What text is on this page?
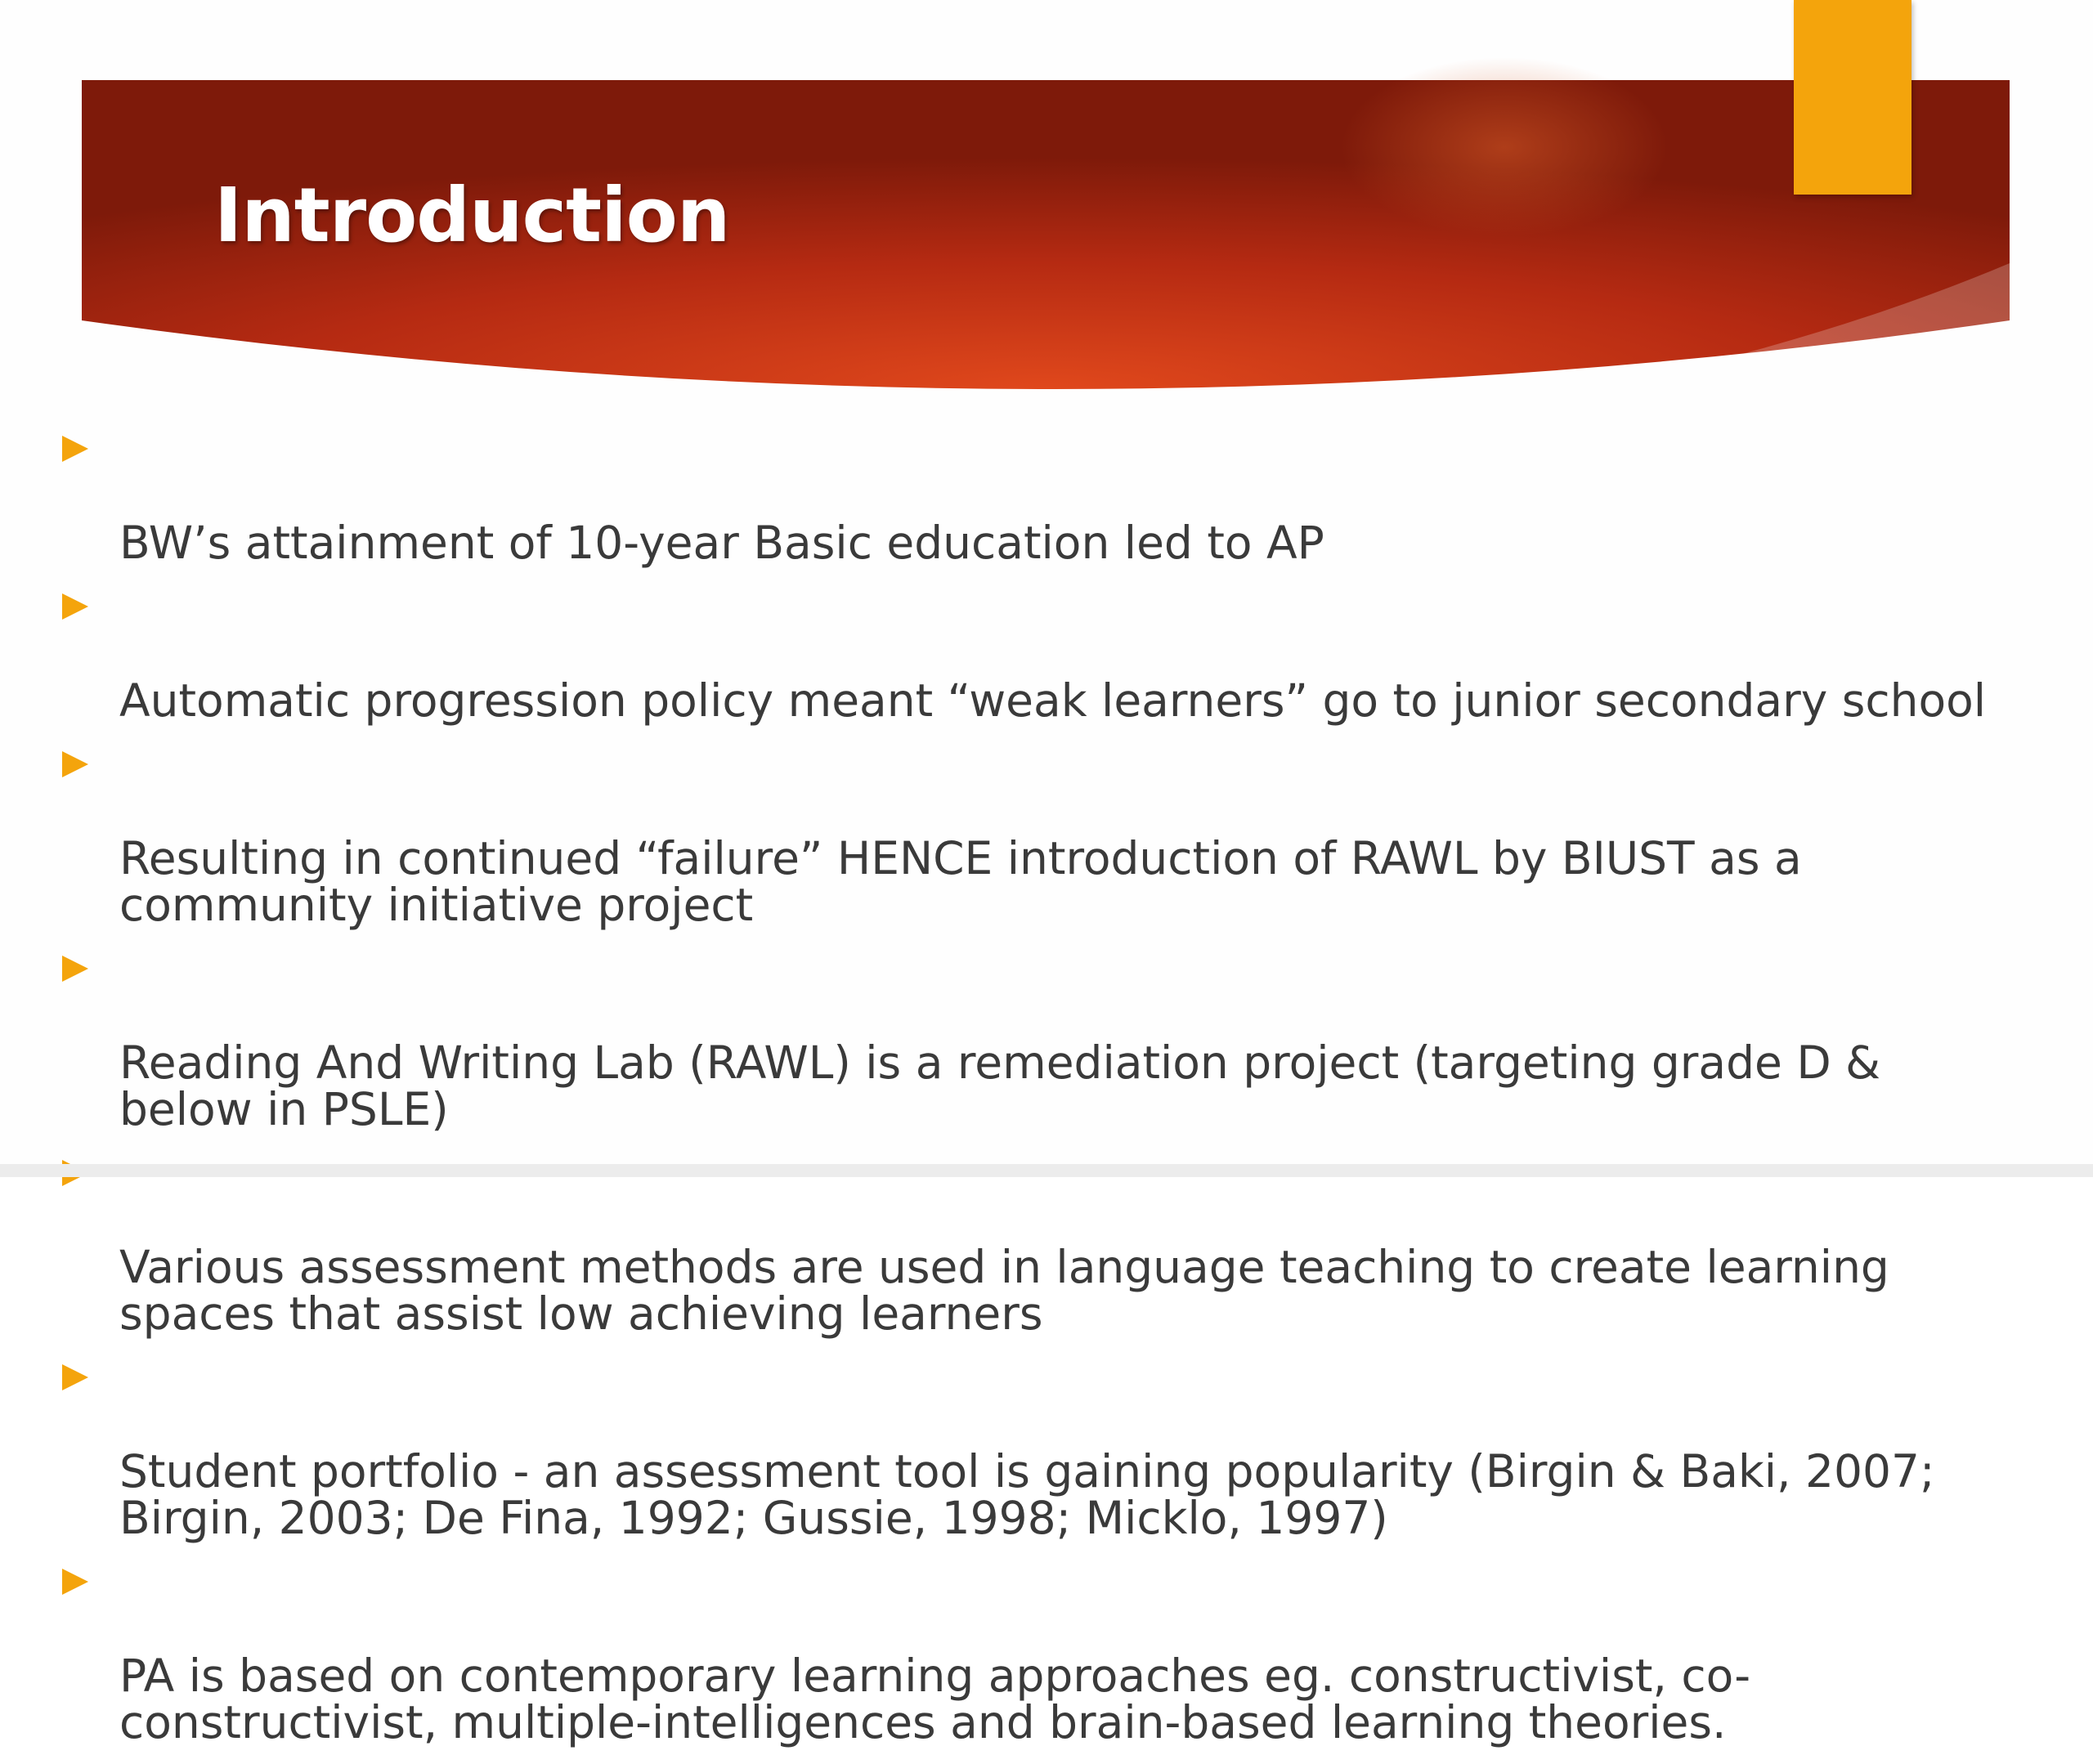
Introduction

BW’s attainment of 10-year Basic education led to AP

Automatic progression policy meant “weak learners” go to junior secondary school

Resulting in continued “failure” HENCE introduction of RAWL by BIUST as a
community initiative project

Reading And Writing Lab (RAWL) is a remediation project (targeting grade D &
below in PSLE)

Various assessment methods are used in language teaching to create learning
spaces that assist low achieving learners

Student portfolio - an assessment tool is gaining popularity (Birgin & Baki, 2007;
Birgin, 2003; De Fina, 1992; Gussie, 1998; Micklo, 1997)

PA is based on contemporary learning approaches eg. constructivist, co-
constructivist, multiple-intelligences and brain-based learning theories.
